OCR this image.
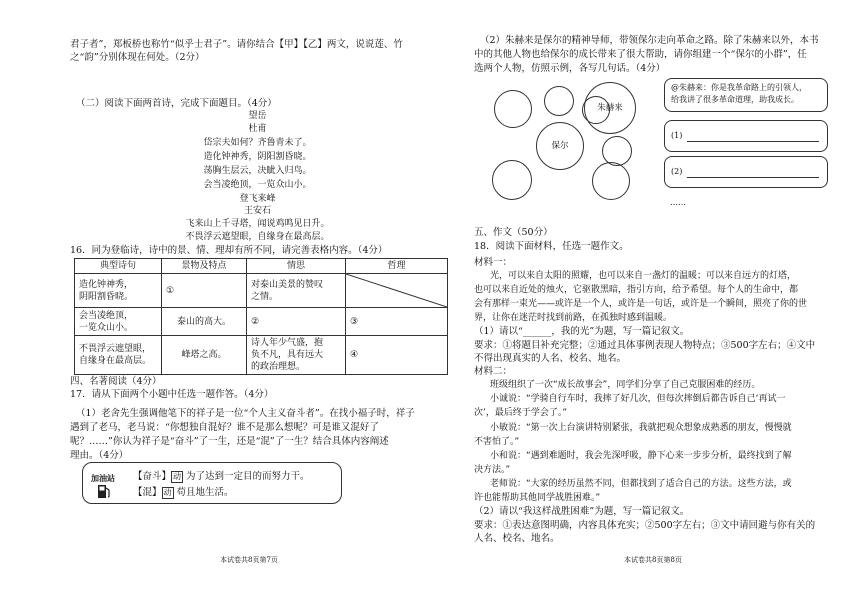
君子者”，郑板桥也称竹“似乎士君子”。请你结合【甲】【乙】两文，说说莲、竹
之“韵”分别体现在何处。（2分）
（二）阅读下面两首诗，完成下面题目。（4分）
望岳
杜甫
岱宗夫如何？齐鲁青未了。
造化钟神秀，阴阳割昏晓。
荡胸生层云，决眦入归鸟。
会当凌绝顶，一览众山小。
登飞来峰
王安石
飞来山上千寻塔，闻说鸡鸣见日升。
不畏浮云遮望眼，自缘身在最高层。
16．同为登临诗，诗中的景、情、理却有所不同，请完善表格内容。（4分）
典型诗句	景物及特点	情思	哲理
造化钟神秀，
阴阳割昏晓。	①	对泰山美景的赞叹
之情。	

会当凌绝顶，
一览众山小。	泰山的高大。	②	③
不畏浮云遮望眼，
自缘身在最高层。	峰塔之高。	诗人年少气盛，抱
负不凡，具有远大
的政治理想。	④
四、名著阅读（4分）
17．请从下面两个小题中任选一题作答。（4分）
（1）老舍先生强调他笔下的祥子是一位“个人主义奋斗者”。在找小福子时，祥子
遇到了老马，老马说：“你想独自混好？谁不是那么想呢？可是谁又混好了
呢？……”你认为祥子是“奋斗”了一生，还是“混”了一生？结合具体内容阐述
理由。（4分）
加油站 【奋斗】 动 为了达到一定目的而努力干。
【混】 动 苟且地生活。
本试卷共8页第7页
（2）朱赫来是保尔的精神导师，带领保尔走向革命之路。除了朱赫来以外，本书
中的其他人物也给保尔的成长带来了很大帮助，请你组建一个“保尔的小群”，任
选两个人物，仿照示例，各写几句话。（4分）
朱赫来
保尔
@朱赫来：你是我革命路上的引领人，
给我讲了很多革命道理，助我成长。
(1)
(2)
……
五、作文（50分）
18．阅读下面材料，任选一题作文。
材料一：
光，可以来自太阳的照耀，也可以来自一盏灯的温暖；可以来自远方的灯塔，
也可以来自近处的烛火，它驱散黑暗，指引方向，给予希望。每个人的生命中，都
会有那样一束光——或许是一个人，或许是一句话，或许是一个瞬间，照亮了你的世
界，让你在迷茫时找到前路，在孤独时感到温暖。
（1）请以“______，我的光”为题，写一篇记叙文。
要求：①将题目补充完整；②通过具体事例表现人物特点；③500字左右；④文中
不得出现真实的人名、校名、地名。
材料二：
班级组织了一次“成长故事会”，同学们分享了自己克服困难的经历。
小诚说：“学骑自行车时，我摔了好几次，但每次摔倒后都告诉自己‘再试一
次’，最后终于学会了。”
小敏说：“第一次上台演讲特别紧张，我就把观众想象成熟悉的朋友，慢慢就
不害怕了。”
小和说：“遇到难题时，我会先深呼吸，静下心来一步步分析，最终找到了解
决方法。”
老师说：“大家的经历虽然不同，但都找到了适合自己的方法。这些方法，或
许也能帮助其他同学战胜困难。”
（2）请以“我这样战胜困难”为题，写一篇记叙文。
要求：①表达意图明确，内容具体充实；②500字左右；③文中请回避与你有关的
人名、校名、地名。
本试卷共8页第8页
